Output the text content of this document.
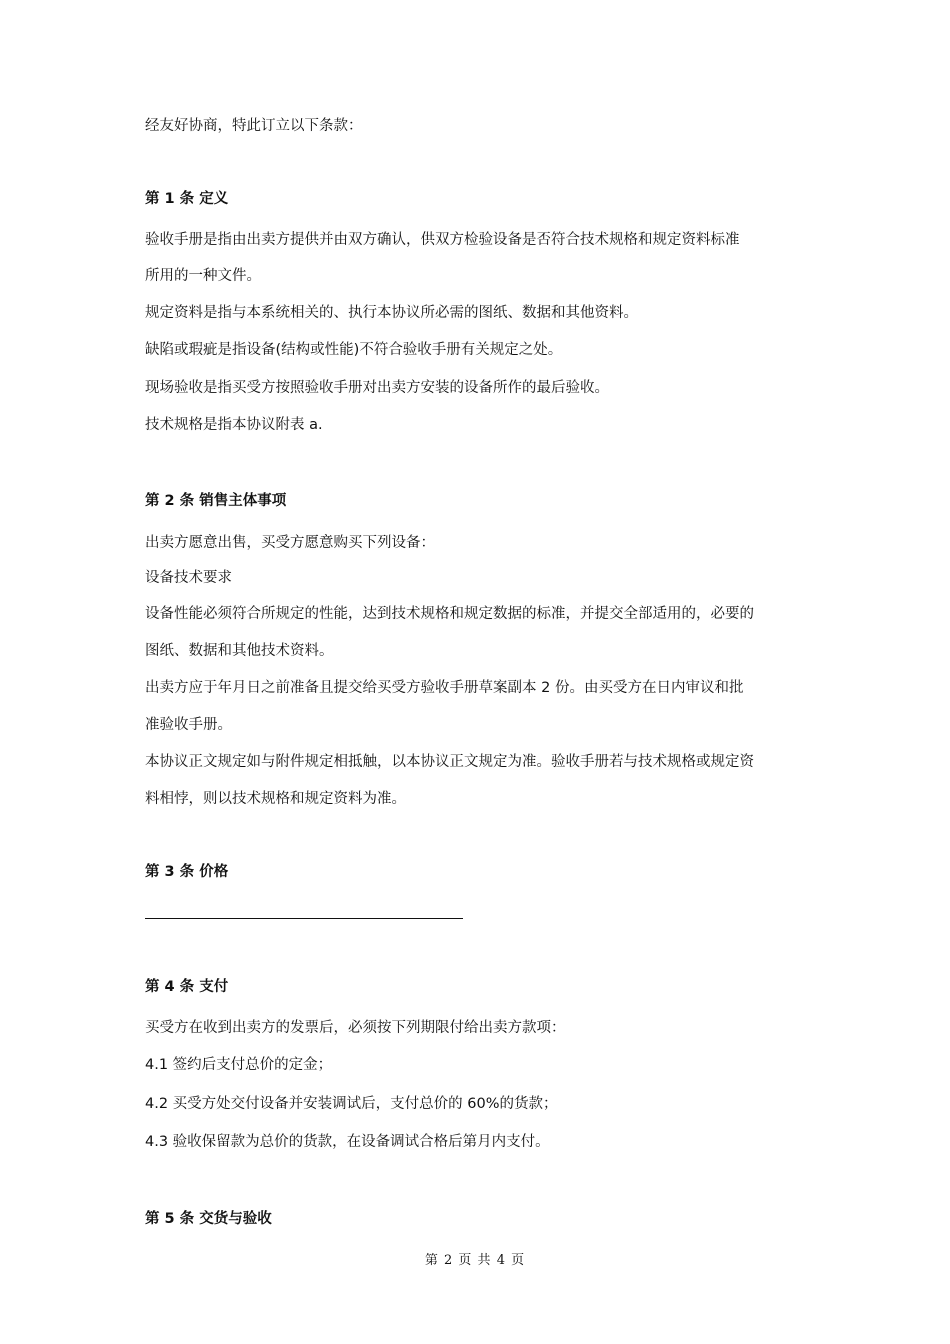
经友好协商，特此订立以下条款：
第 1 条 定义
验收手册是指由出卖方提供并由双方确认，供双方检验设备是否符合技术规格和规定资料标准
所用的一种文件。
规定资料是指与本系统相关的、执行本协议所必需的图纸、数据和其他资料。
缺陷或瑕疵是指设备(结构或性能)不符合验收手册有关规定之处。
现场验收是指买受方按照验收手册对出卖方安装的设备所作的最后验收。
技术规格是指本协议附表 a.
第 2 条 销售主体事项
出卖方愿意出售，买受方愿意购买下列设备：
设备技术要求
设备性能必须符合所规定的性能，达到技术规格和规定数据的标准，并提交全部适用的，必要的
图纸、数据和其他技术资料。
出卖方应于年月日之前准备且提交给买受方验收手册草案副本 2 份。由买受方在日内审议和批
准验收手册。
本协议正文规定如与附件规定相抵触，以本协议正文规定为准。验收手册若与技术规格或规定资
料相悖，则以技术规格和规定资料为准。
第 3 条 价格
第 4 条 支付
买受方在收到出卖方的发票后，必须按下列期限付给出卖方款项：
4.1 签约后支付总价的定金；
4.2 买受方处交付设备并安装调试后，支付总价的 60%的货款；
4.3 验收保留款为总价的货款，在设备调试合格后第月内支付。
第 5 条 交货与验收
第 2 页 共 4 页
